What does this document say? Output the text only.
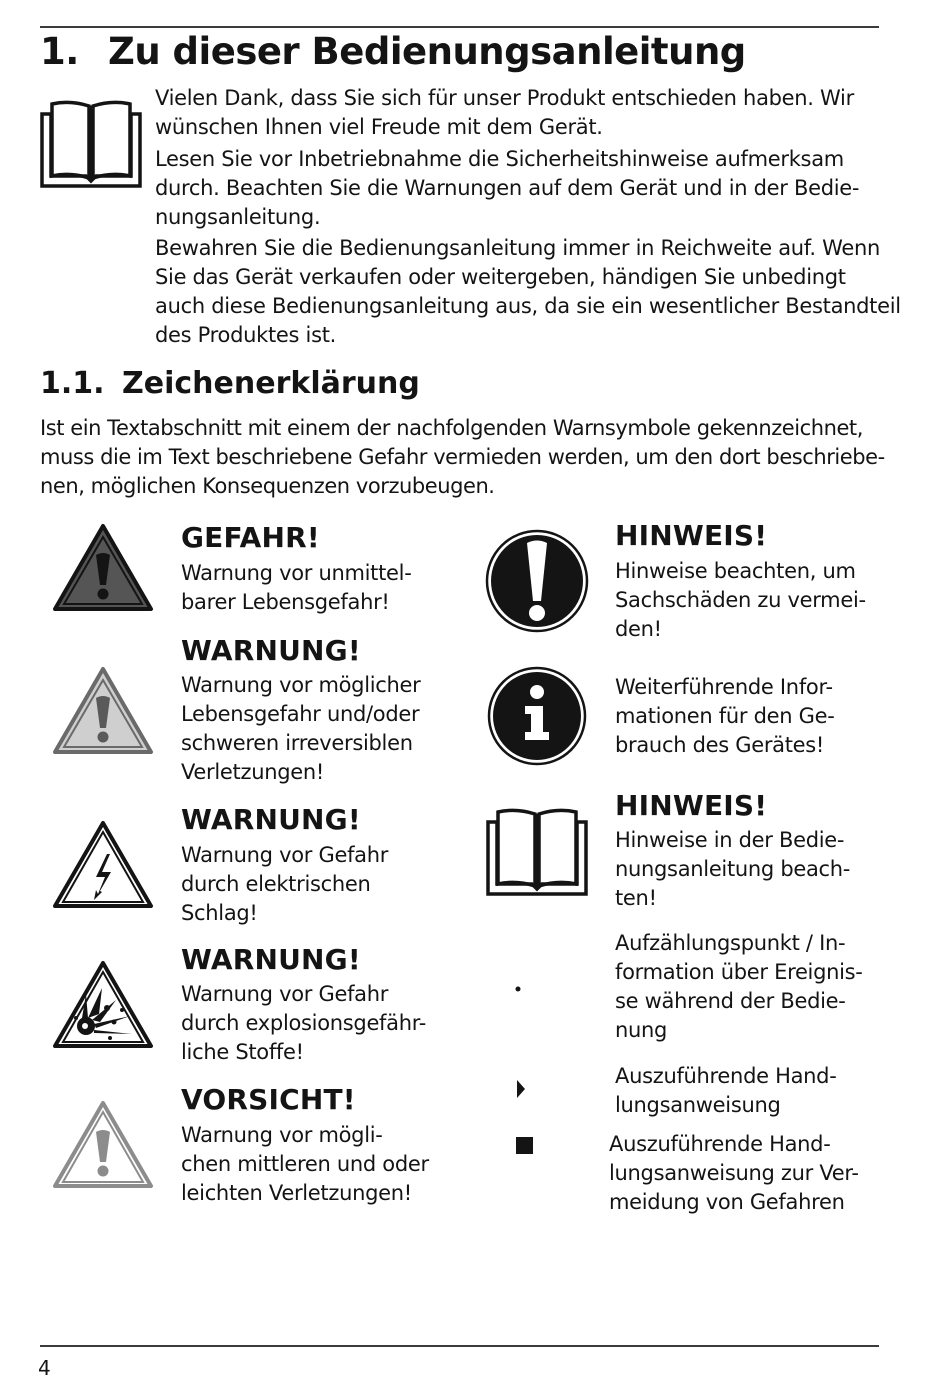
1. Zu dieser Bedienungsanleitung
Vielen Dank, dass Sie sich für unser Produkt entschieden haben. Wir
wünschen Ihnen viel Freude mit dem Gerät.
Lesen Sie vor Inbetriebnahme die Sicherheitshinweise aufmerksam
durch. Beachten Sie die Warnungen auf dem Gerät und in der Bedie-
nungsanleitung.
Bewahren Sie die Bedienungsanleitung immer in Reichweite auf. Wenn
Sie das Gerät verkaufen oder weitergeben, händigen Sie unbedingt
auch diese Bedienungsanleitung aus, da sie ein wesentlicher Bestandteil
des Produktes ist.
1.1. Zeichenerklärung
Ist ein Textabschnitt mit einem der nachfolgenden Warnsymbole gekennzeichnet,
muss die im Text beschriebene Gefahr vermieden werden, um den dort beschriebe-
nen, möglichen Konsequenzen vorzubeugen.
GEFAHR!
Warnung vor unmittel-
barer Lebensgefahr!
WARNUNG!
Warnung vor möglicher
Lebensgefahr und/oder
schweren irreversiblen
Verletzungen!
WARNUNG!
Warnung vor Gefahr
durch elektrischen
Schlag!
WARNUNG!
Warnung vor Gefahr
durch explosionsgefähr-
liche Stoffe!
VORSICHT!
Warnung vor mögli-
chen mittleren und oder
leichten Verletzungen!
HINWEIS!
Hinweise beachten, um
Sachschäden zu vermei-
den!
Weiterführende Infor-
mationen für den Ge-
brauch des Gerätes!
HINWEIS!
Hinweise in der Bedie-
nungsanleitung beach-
ten!
Aufzählungspunkt / In-
formation über Ereignis-
se während der Bedie-
nung
Auszuführende Hand-
lungsanweisung
Auszuführende Hand-
lungsanweisung zur Ver-
meidung von Gefahren
4
